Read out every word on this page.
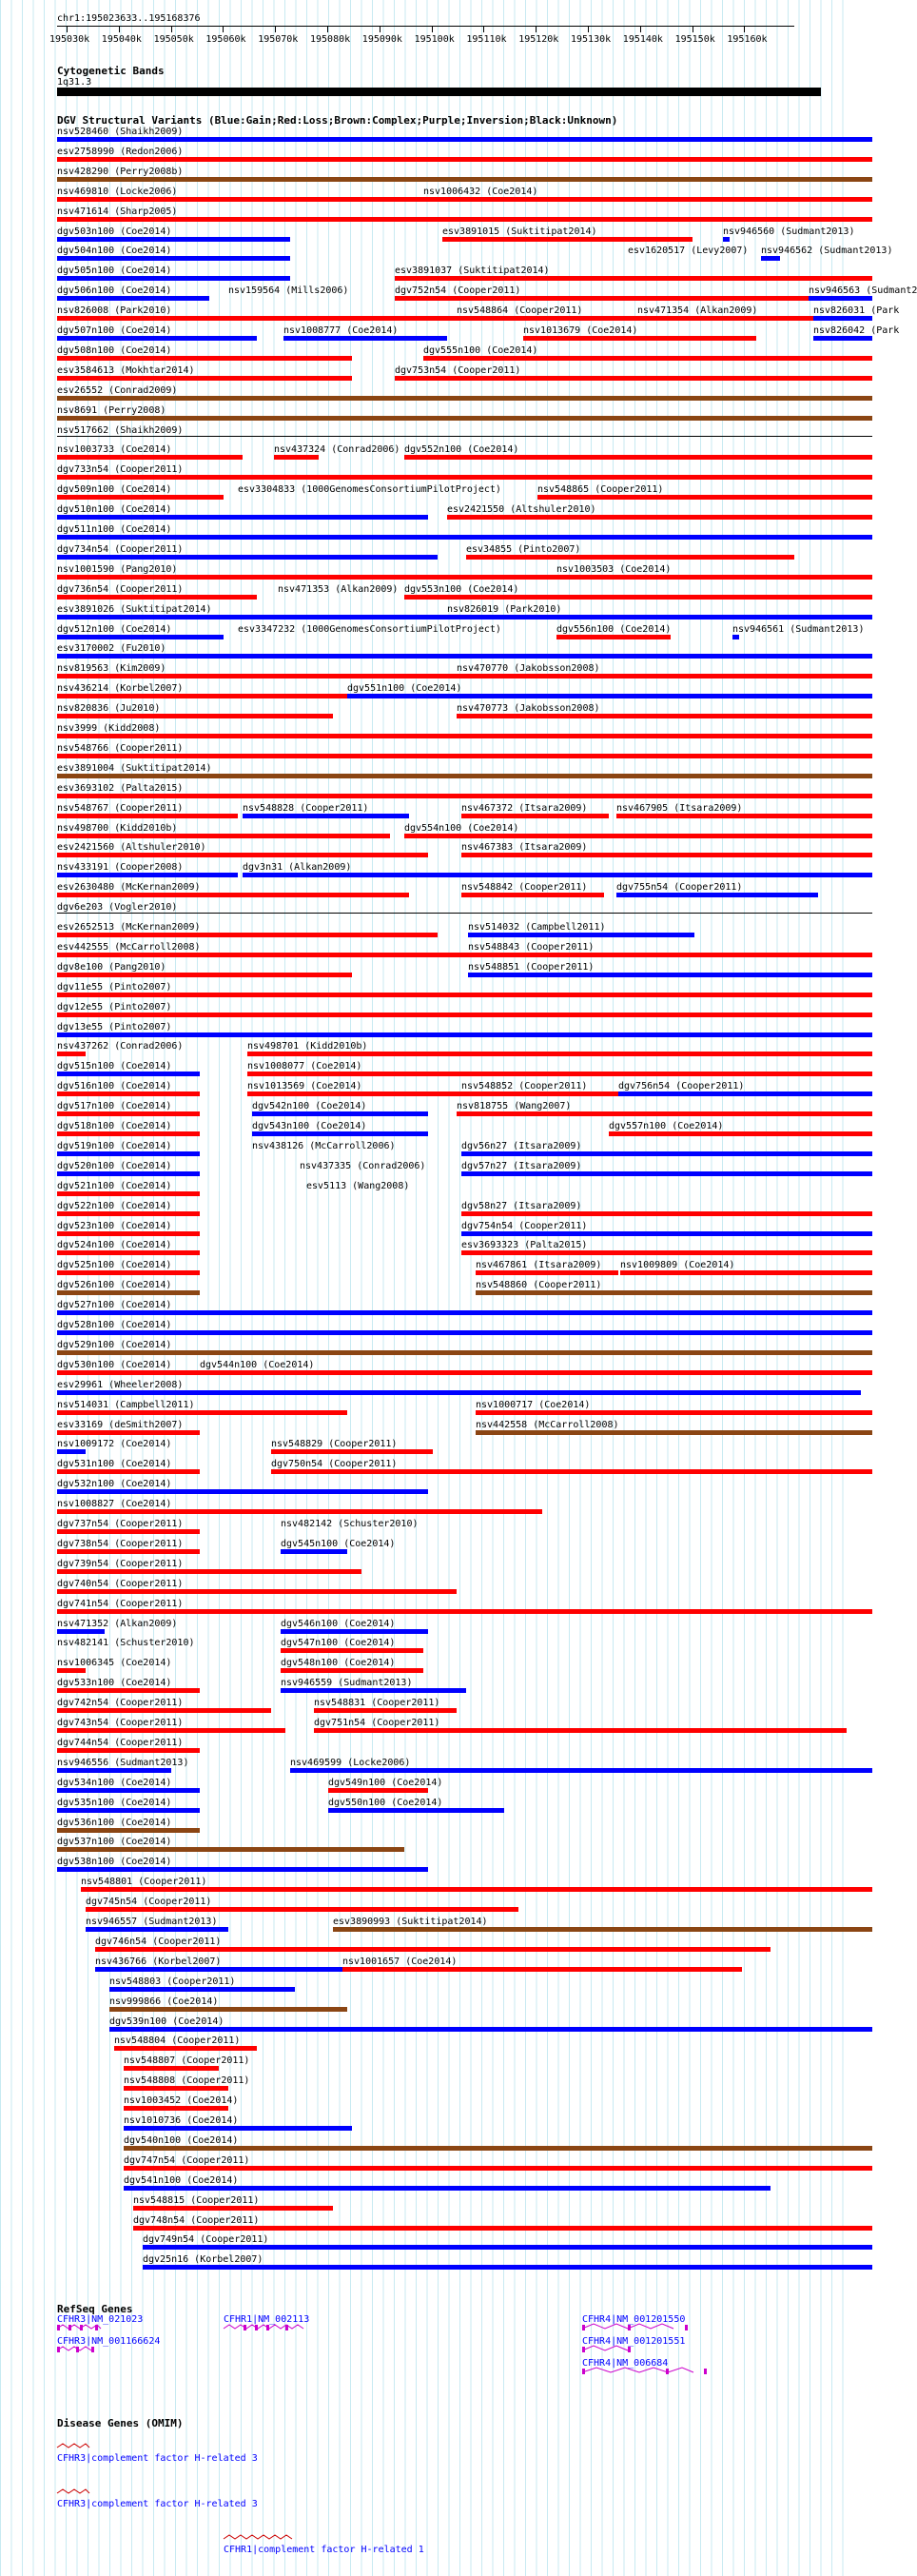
chr1:195023633..195168376
195030k 195040k 195050k 195060k 195070k 195080k 195090k 195100k 195110k 195120k 195130k 195140k 195150k 195160k
Cytogenetic Bands
1q31.3
DGV Structural Variants (Blue:Gain;Red:Loss;Brown:Complex;Purple;Inversion;Black:Unknown)
nsv528460 (Shaikh2009)
esv2758990 (Redon2006)
nsv428290 (Perry2008b)
nsv469810 (Locke2006)	nsv1006432 (Coe2014)
nsv471614 (Sharp2005)
dgv503n100 (Coe2014)	esv3891015 (Suktitipat2014)	nsv946560 (Sudmant2013)
dgv504n100 (Coe2014)	esv1620517 (Levy2007) nsv946562 (Sudmant2013)
dgv505n100 (Coe2014)	esv3891037 (Suktitipat2014)
dgv506n100 (Coe2014)	nsv159564 (Mills2006)	dgv752n54 (Cooper2011)	nsv946563 (Sudmant2
nsv826008 (Park2010)	nsv548864 (Cooper2011)	nsv471354 (Alkan2009)	nsv826031 (Park
dgv507n100 (Coe2014)	nsv1008777 (Coe2014)	nsv1013679 (Coe2014)	nsv826042 (Park
dgv508n100 (Coe2014)	dgv555n100 (Coe2014)
esv3584613 (Mokhtar2014)	dgv753n54 (Cooper2011)
esv26552 (Conrad2009)
nsv8691 (Perry2008)
nsv517662 (Shaikh2009)
nsv1003733 (Coe2014)	nsv437324 (Conrad2006) dgv552n100 (Coe2014)
dgv733n54 (Cooper2011)
dgv509n100 (Coe2014)	esv3304833 (1000GenomesConsortiumPilotProject)	nsv548865 (Cooper2011)
dgv510n100 (Coe2014)	esv2421550 (Altshuler2010)
dgv511n100 (Coe2014)
dgv734n54 (Cooper2011)	esv34855 (Pinto2007)
nsv1001590 (Pang2010)	nsv1003503 (Coe2014)
dgv736n54 (Cooper2011)	nsv471353 (Alkan2009) dgv553n100 (Coe2014)
esv3891026 (Suktitipat2014)	nsv826019 (Park2010)
dgv512n100 (Coe2014)	esv3347232 (1000GenomesConsortiumPilotProject)	dgv556n100 (Coe2014)	nsv946561 (Sudmant2013)
esv3170002 (Fu2010)
nsv819563 (Kim2009)	nsv470770 (Jakobsson2008)
nsv436214 (Korbel2007)	dgv551n100 (Coe2014)
nsv820836 (Ju2010)	nsv470773 (Jakobsson2008)
nsv3999 (Kidd2008)
nsv548766 (Cooper2011)
esv3891004 (Suktitipat2014)
esv3693102 (Palta2015)
nsv548767 (Cooper2011)	nsv548828 (Cooper2011)	nsv467372 (Itsara2009)	nsv467905 (Itsara2009)
nsv498700 (Kidd2010b)	dgv554n100 (Coe2014)
esv2421560 (Altshuler2010)	nsv467383 (Itsara2009)
nsv433191 (Cooper2008)	dgv3n31 (Alkan2009)
esv2630480 (McKernan2009)	nsv548842 (Cooper2011)	dgv755n54 (Cooper2011)
dgv6e203 (Vogler2010)
esv2652513 (McKernan2009)	nsv514032 (Campbell2011)
esv442555 (McCarroll2008)	nsv548843 (Cooper2011)
dgv8e100 (Pang2010)	nsv548851 (Cooper2011)
dgv11e55 (Pinto2007)
dgv12e55 (Pinto2007)
dgv13e55 (Pinto2007)
nsv437262 (Conrad2006)	nsv498701 (Kidd2010b)
dgv515n100 (Coe2014)	nsv1008077 (Coe2014)
dgv516n100 (Coe2014)	nsv1013569 (Coe2014)	nsv548852 (Cooper2011)	dgv756n54 (Cooper2011)
dgv517n100 (Coe2014)	dgv542n100 (Coe2014)	nsv818755 (Wang2007)
dgv518n100 (Coe2014)	dgv543n100 (Coe2014)	dgv557n100 (Coe2014)
dgv519n100 (Coe2014)	nsv438126 (McCarroll2006)	dgv56n27 (Itsara2009)
dgv520n100 (Coe2014)	nsv437335 (Conrad2006)	dgv57n27 (Itsara2009)
dgv521n100 (Coe2014)	esv5113 (Wang2008)
dgv522n100 (Coe2014)	dgv58n27 (Itsara2009)
dgv523n100 (Coe2014)	dgv754n54 (Cooper2011)
dgv524n100 (Coe2014)	esv3693323 (Palta2015)
dgv525n100 (Coe2014)	nsv467861 (Itsara2009) nsv1009809 (Coe2014)
dgv526n100 (Coe2014)	nsv548860 (Cooper2011)
dgv527n100 (Coe2014)
dgv528n100 (Coe2014)
dgv529n100 (Coe2014)
dgv530n100 (Coe2014)	dgv544n100 (Coe2014)
esv29961 (Wheeler2008)
nsv514031 (Campbell2011)	nsv1000717 (Coe2014)
esv33169 (deSmith2007)	nsv442558 (McCarroll2008)
nsv1009172 (Coe2014)	nsv548829 (Cooper2011)
dgv531n100 (Coe2014)	dgv750n54 (Cooper2011)
dgv532n100 (Coe2014)
nsv1008827 (Coe2014)
dgv737n54 (Cooper2011)	nsv482142 (Schuster2010)
dgv738n54 (Cooper2011)	dgv545n100 (Coe2014)
dgv739n54 (Cooper2011)
dgv740n54 (Cooper2011)
dgv741n54 (Cooper2011)
nsv471352 (Alkan2009)	dgv546n100 (Coe2014)
nsv482141 (Schuster2010)	dgv547n100 (Coe2014)
nsv1006345 (Coe2014)	dgv548n100 (Coe2014)
dgv533n100 (Coe2014)	nsv946559 (Sudmant2013)
dgv742n54 (Cooper2011)	nsv548831 (Cooper2011)
dgv743n54 (Cooper2011)	dgv751n54 (Cooper2011)
dgv744n54 (Cooper2011)
nsv946556 (Sudmant2013)	nsv469599 (Locke2006)
dgv534n100 (Coe2014)	dgv549n100 (Coe2014)
dgv535n100 (Coe2014)	dgv550n100 (Coe2014)
dgv536n100 (Coe2014)
dgv537n100 (Coe2014)
dgv538n100 (Coe2014)
nsv548801 (Cooper2011)
dgv745n54 (Cooper2011)
nsv946557 (Sudmant2013)	esv3890993 (Suktitipat2014)
dgv746n54 (Cooper2011)
nsv436766 (Korbel2007)	nsv1001657 (Coe2014)
nsv548803 (Cooper2011)
nsv999866 (Coe2014)
dgv539n100 (Coe2014)
nsv548804 (Cooper2011)
nsv548807 (Cooper2011)
nsv548808 (Cooper2011)
nsv1003452 (Coe2014)
nsv1010736 (Coe2014)
dgv540n100 (Coe2014)
dgv747n54 (Cooper2011)
dgv541n100 (Coe2014)
nsv548815 (Cooper2011)
dgv748n54 (Cooper2011)
dgv749n54 (Cooper2011)
dgv25n16 (Korbel2007)
RefSeq Genes
CFHR3|NM_021023
CFHR3|NM_001166624
CFHR1|NM_002113	CFHR4|NM_001201550
CFHR4|NM_001201551
CFHR4|NM_006684
Disease Genes (OMIM)
CFHR3|complement factor H-related 3
CFHR3|complement factor H-related 3
CFHR1|complement factor H-related 1
